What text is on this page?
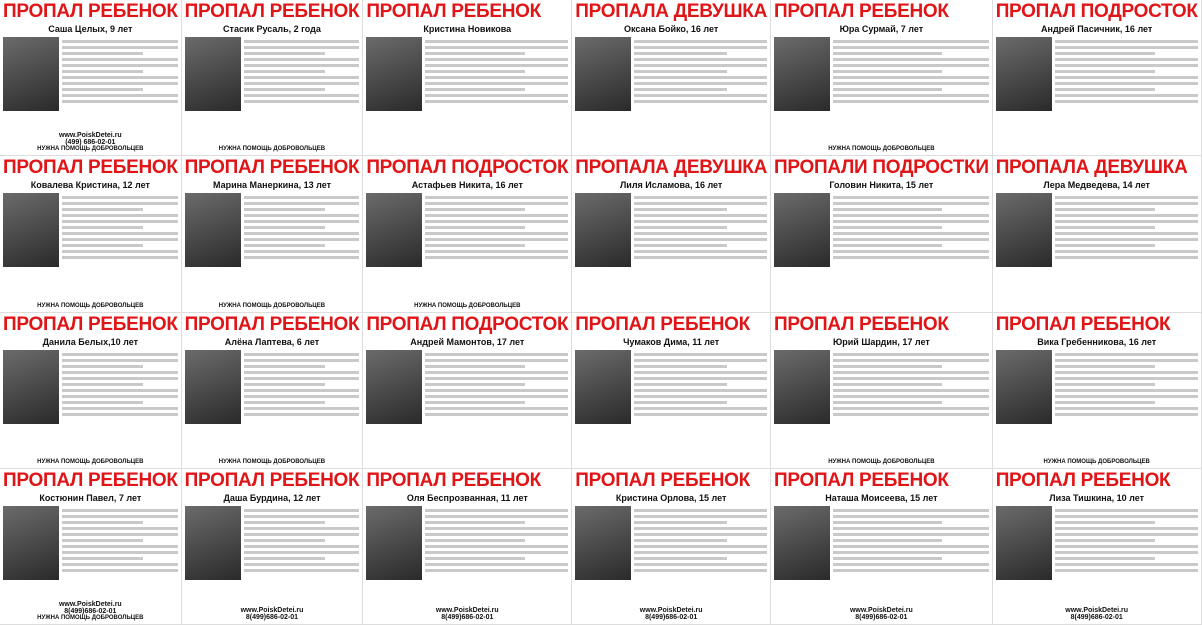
ПРОПАЛ РЕБЕНОК
Саша Целых, 9 лет
www.PoiskDetei.ru
(499) 686-02-01
НУЖНА ПОМОЩЬ ДОБРОВОЛЬЦЕВ
ПРОПАЛ РЕБЕНОК
Стасик Русаль, 2 года
НУЖНА ПОМОЩЬ ДОБРОВОЛЬЦЕВ
ПРОПАЛ РЕБЕНОК
Кристина Новикова
ПРОПАЛА ДЕВУШКА
Оксана Бойко, 16 лет
ПРОПАЛ РЕБЕНОК
Юра Сурмай, 7 лет
НУЖНА ПОМОЩЬ ДОБРОВОЛЬЦЕВ
ПРОПАЛ ПОДРОСТОК
Андрей Пасичник, 16 лет
ПРОПАЛ РЕБЕНОК
Ковалева Кристина, 12 лет
НУЖНА ПОМОЩЬ ДОБРОВОЛЬЦЕВ
ПРОПАЛ РЕБЕНОК
Марина Манеркина, 13 лет
НУЖНА ПОМОЩЬ ДОБРОВОЛЬЦЕВ
ПРОПАЛ ПОДРОСТОК
Астафьев Никита, 16 лет
НУЖНА ПОМОЩЬ ДОБРОВОЛЬЦЕВ
ПРОПАЛА ДЕВУШКА
Лиля Исламова, 16 лет
ПРОПАЛИ ПОДРОСТКИ
Головин Никита, 15 лет
ПРОПАЛА ДЕВУШКА
Лера Медведева, 14 лет
ПРОПАЛ РЕБЕНОК
Данила Белых,10 лет
НУЖНА ПОМОЩЬ ДОБРОВОЛЬЦЕВ
ПРОПАЛ РЕБЕНОК
Алёна Лаптева, 6 лет
НУЖНА ПОМОЩЬ ДОБРОВОЛЬЦЕВ
ПРОПАЛ ПОДРОСТОК
Андрей Мамонтов, 17 лет
ПРОПАЛ РЕБЕНОК
Чумаков Дима, 11 лет
ПРОПАЛ РЕБЕНОК
Юрий Шардин, 17 лет
НУЖНА ПОМОЩЬ ДОБРОВОЛЬЦЕВ
ПРОПАЛ РЕБЕНОК
Вика Гребенникова, 16 лет
НУЖНА ПОМОЩЬ ДОБРОВОЛЬЦЕВ
ПРОПАЛ РЕБЕНОК
Костюнин Павел, 7 лет
www.PoiskDetei.ru
8(499)686-02-01
НУЖНА ПОМОЩЬ ДОБРОВОЛЬЦЕВ
ПРОПАЛ РЕБЕНОК
Даша Бурдина, 12 лет
www.PoiskDetei.ru
8(499)686-02-01
ПРОПАЛ РЕБЕНОК
Оля Беспрозванная, 11 лет
www.PoiskDetei.ru
8(499)686-02-01
ПРОПАЛ РЕБЕНОК
Кристина Орлова, 15 лет
www.PoiskDetei.ru
8(499)686-02-01
ПРОПАЛ РЕБЕНОК
Наташа Моисеева, 15 лет
www.PoiskDetei.ru
8(499)686-02-01
ПРОПАЛ РЕБЕНОК
Лиза Тишкина, 10 лет
www.PoiskDetei.ru
8(499)686-02-01
